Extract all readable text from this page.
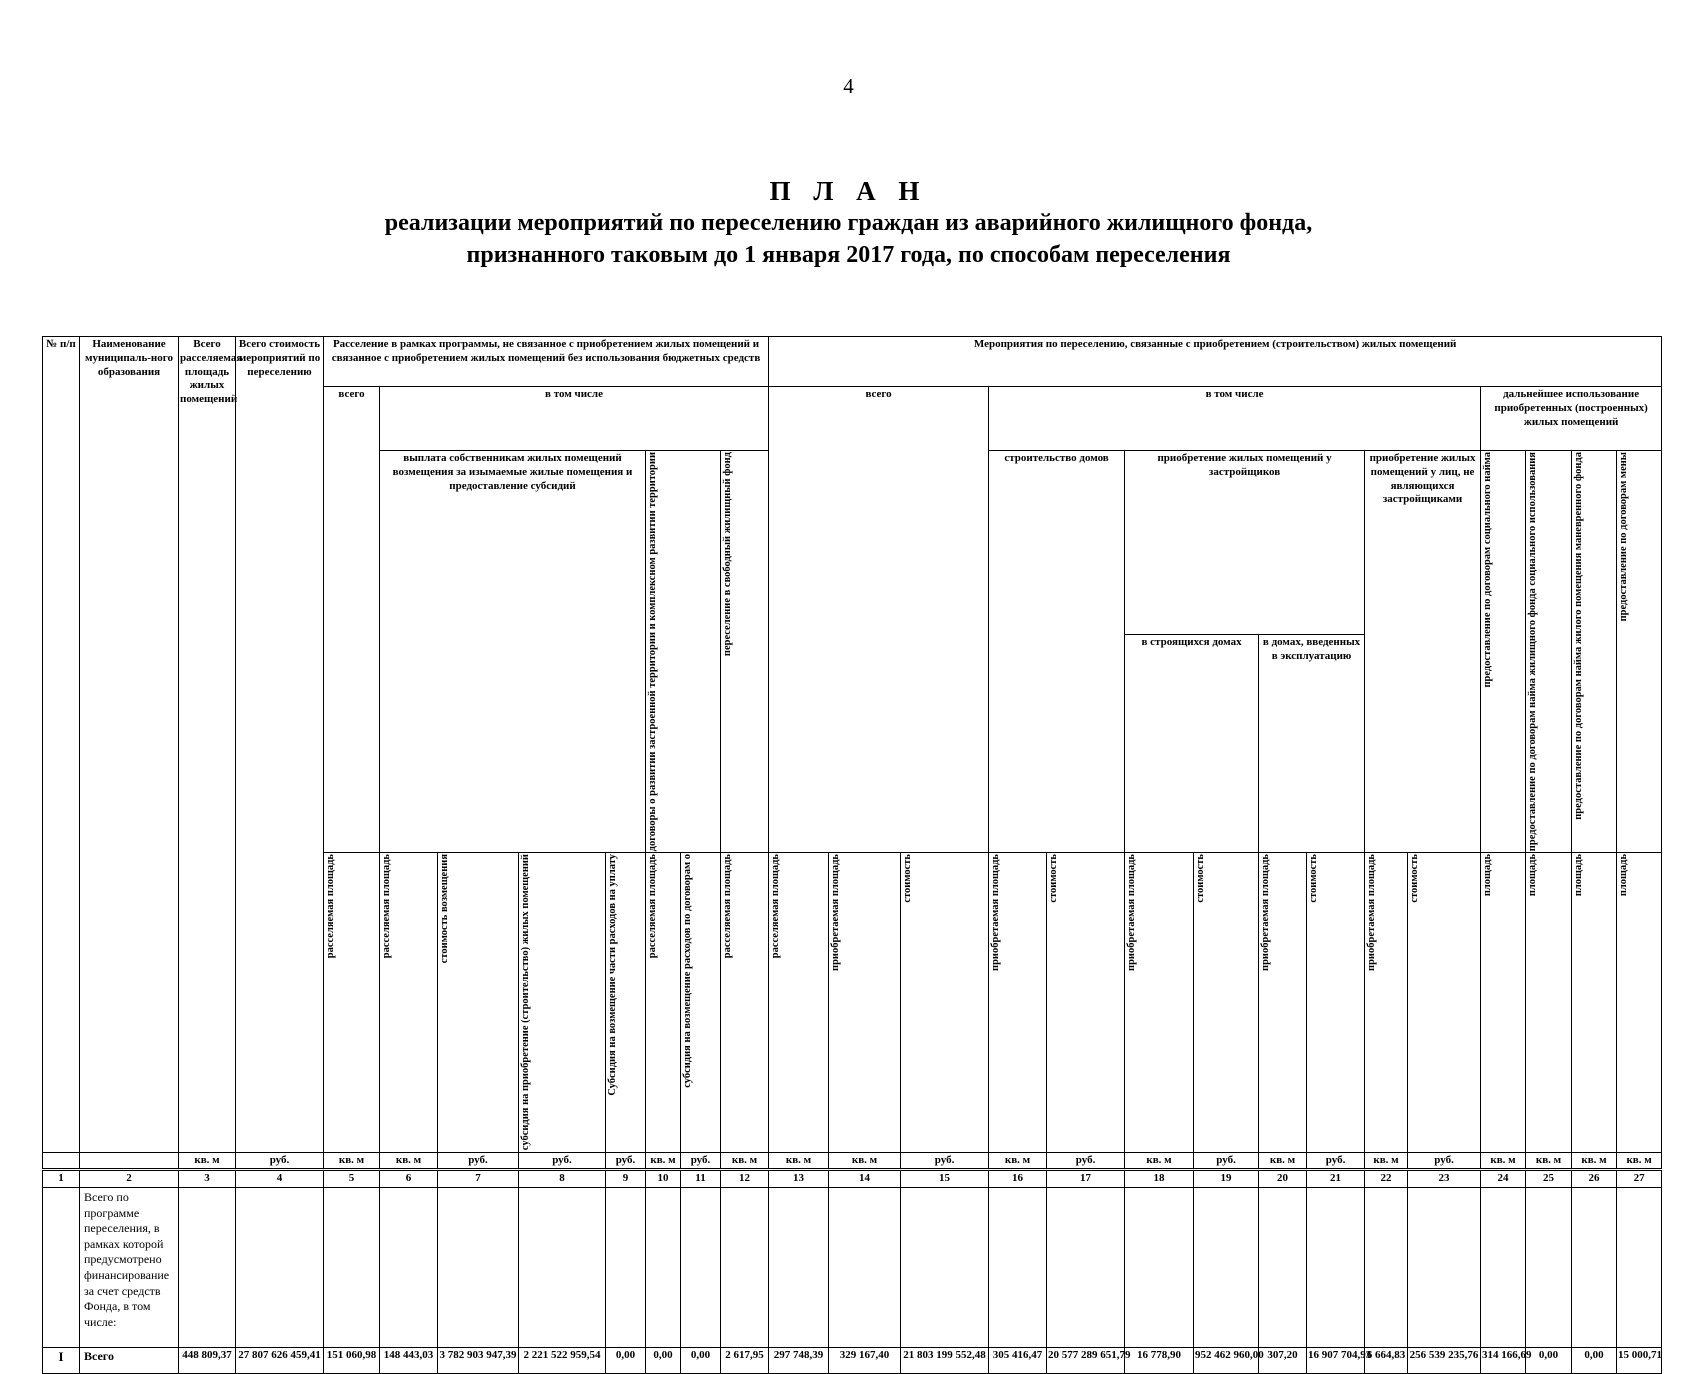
4
П Л А Н
реализации мероприятий по переселению граждан из аварийного жилищного фонда,
признанного таковым до 1 января 2017 года, по способам переселения
№ п/п	Наименование муниципаль-ного образования	Всего расселяемая площадь жилых помещений	Всего стоимость мероприятий по переселению	Расселение в рамках программы, не связанное с приобретением жилых помещений и связанное с приобретением жилых помещений без использования бюджетных средств								Мероприятия по переселению, связанные с приобретением (строительством) жилых помещений														
				всего	в том числе							всего			в том числе								дальнейшее использование приобретенных (построенных) жилых помещений			
					выплата собственникам жилых помещений возмещения за изымаемые жилые помещения и предоставление субсидий				договоры о развитии застроенной территории и комплексном развитии территории		переселение в свободный жилищный фонд				строительство домов		приобретение жилых помещений у застройщиков				приобретение жилых помещений у лиц, не являющихся застройщиками		предоставление по договорам социального найма	предоставление по договорам найма жилищного фонда социального использования	предоставление по договорам найма жилого помещения маневренного фонда	предоставление по договорам мены

																	в строящихся домах		в домах, введенных в эксплуатацию							

				расселяемая площадь	расселяемая площадь	стоимость возмещения	субсидия на приобретение (строительство) жилых помещений	Субсидия на возмещение части расходов на уплату	расселяемая площадь	субсидия на возмещение расходов по договорам о	расселяемая площадь	расселяемая площадь	приобретаемая площадь	стоимость	приобретаемая площадь	стоимость	приобретаемая площадь	стоимость	приобретаемая площадь	стоимость	приобретаемая площадь	стоимость	площадь	площадь	площадь	площадь

		кв. м	руб.	кв. м	кв. м	руб.	руб.	руб.	кв. м	руб.	кв. м	кв. м	кв. м	руб.	кв. м	руб.	кв. м	руб.	кв. м	руб.	кв. м	руб.	кв. м	кв. м	кв. м	кв. м
1	2	3	4	5	6	7	8	9	10	11	12	13	14	15	16	17	18	19	20	21	22	23	24	25	26	27
	Всего по программе переселения, в рамках которой предусмотрено финансирование за счет средств Фонда, в том числе:																									
I	Всего	448 809,37	27 807 626 459,41	151 060,98	148 443,03	3 782 903 947,39	2 221 522 959,54	0,00	0,00	0,00	2 617,95	297 748,39	329 167,40	21 803 199 552,48	305 416,47	20 577 289 651,79	16 778,90	952 462 960,00	307,20	16 907 704,93	6 664,83	256 539 235,76	314 166,69	0,00	0,00	15 000,71
